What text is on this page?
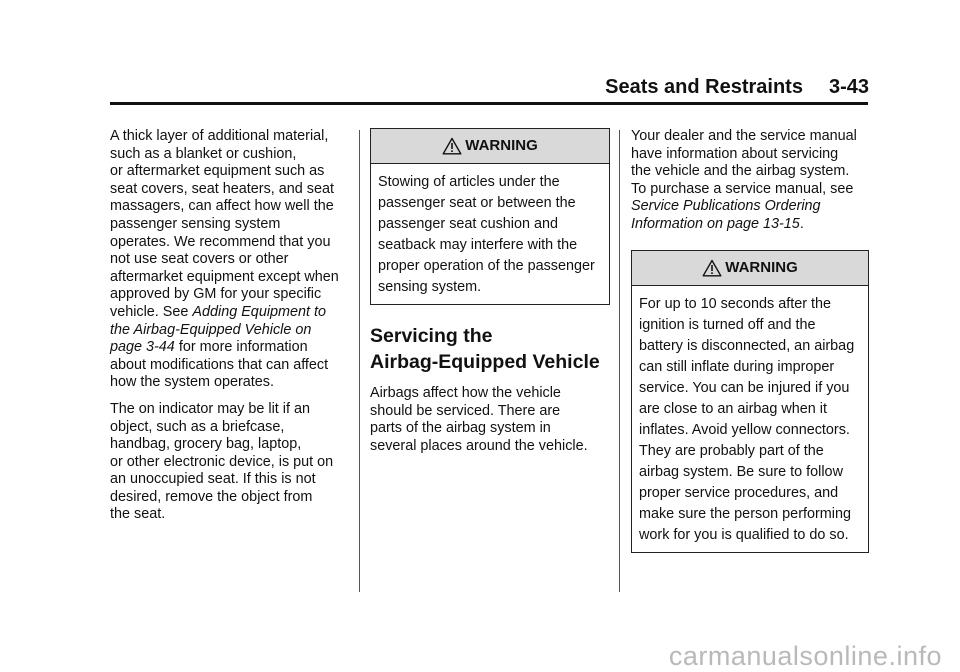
Seats and Restraints 3-43

A thick layer of additional material,
such as a blanket or cushion,
or aftermarket equipment such as
seat covers, seat heaters, and seat
massagers, can affect how well the
passenger sensing system
operates. We recommend that you
not use seat covers or other
aftermarket equipment except when
approved by GM for your specific
vehicle. See Adding Equipment to
the Airbag-Equipped Vehicle on
page 3-44 for more information
about modifications that can affect
how the system operates.

The on indicator may be lit if an
object, such as a briefcase,
handbag, grocery bag, laptop,
or other electronic device, is put on
an unoccupied seat. If this is not
desired, remove the object from
the seat.

WARNING
Stowing of articles under the
passenger seat or between the
passenger seat cushion and
seatback may interfere with the
proper operation of the passenger
sensing system.
Servicing the
Airbag-Equipped Vehicle

Airbags affect how the vehicle
should be serviced. There are
parts of the airbag system in
several places around the vehicle.

Your dealer and the service manual
have information about servicing
the vehicle and the airbag system.
To purchase a service manual, see
Service Publications Ordering
Information on page 13-15.

WARNING
For up to 10 seconds after the
ignition is turned off and the
battery is disconnected, an airbag
can still inflate during improper
service. You can be injured if you
are close to an airbag when it
inflates. Avoid yellow connectors.
They are probably part of the
airbag system. Be sure to follow
proper service procedures, and
make sure the person performing
work for you is qualified to do so.
carmanualsonline.info
